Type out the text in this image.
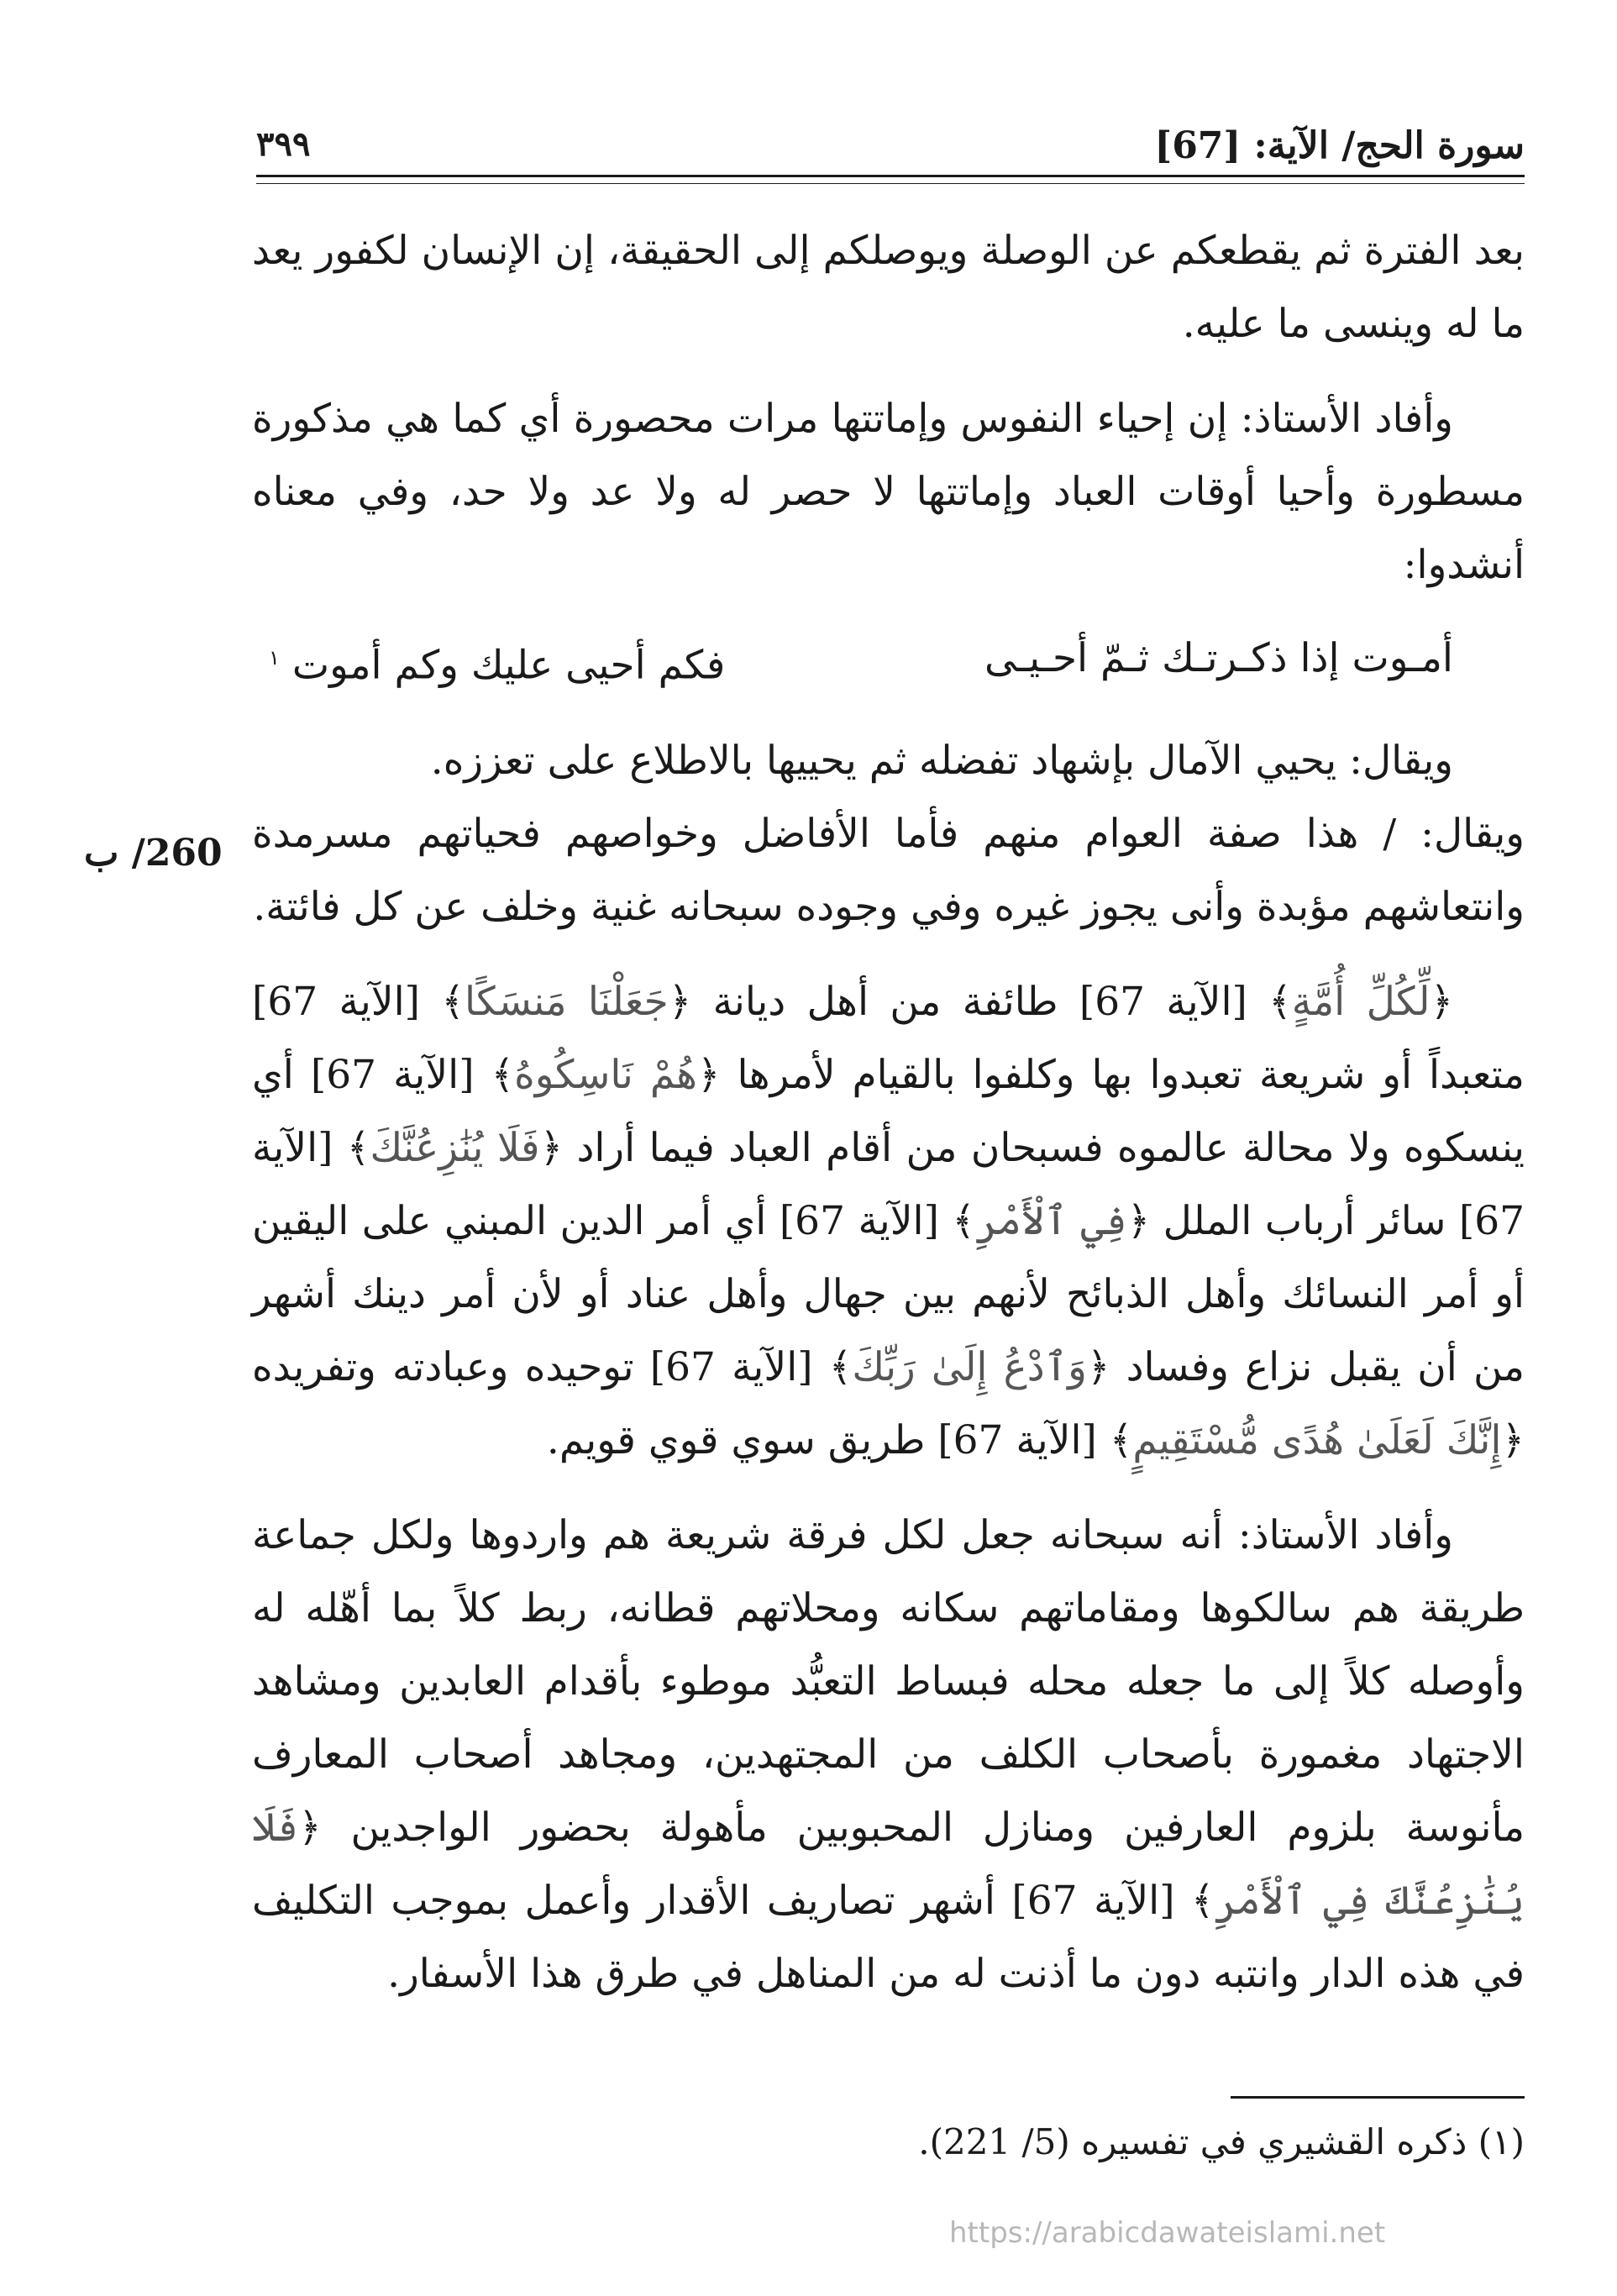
سورة الحج/ الآية: [67]
٣٩٩
260/ ب

بعد الفترة ثم يقطعكم عن الوصلة ويوصلكم إلى الحقيقة، إن الإنسان لكفور يعد ما له وينسى ما عليه.

وأفاد الأستاذ: إن إحياء النفوس وإماتتها مرات محصورة أي كما هي مذكورة مسطورة وأحيا أوقات العباد وإماتتها لا حصر له ولا عد ولا حد، وفي معناه أنشدوا:

أمـوت إذا ذكـرتـك ثـمّ أحـيـى
فكم أحيى عليك وكم أموت $^١$

ويقال: يحيي الآمال بإشهاد تفضله ثم يحييها بالاطلاع على تعززه.

ويقال: / هذا صفة العوام منهم فأما الأفاضل وخواصهم فحياتهم مسرمدة وانتعاشهم مؤبدة وأنى يجوز غيره وفي وجوده سبحانه غنية وخلف عن كل فائتة.

﴿لِّكُلِّ أُمَّةٍ﴾ [الآية 67] طائفة من أهل ديانة ﴿جَعَلْنَا مَنسَكًا﴾ [الآية 67] متعبداً أو شريعة تعبدوا بها وكلفوا بالقيام لأمرها ﴿هُمْ نَاسِكُوهُ﴾ [الآية 67] أي ينسكوه ولا محالة عالموه فسبحان من أقام العباد فيما أراد ﴿فَلَا يُنَٰزِعُنَّكَ﴾ [الآية 67] سائر أرباب الملل ﴿فِي ٱلْأَمْرِ﴾ [الآية 67] أي أمر الدين المبني على اليقين أو أمر النسائك وأهل الذبائح لأنهم بين جهال وأهل عناد أو لأن أمر دينك أشهر من أن يقبل نزاع وفساد ﴿وَٱدْعُ إِلَىٰ رَبِّكَ﴾ [الآية 67] توحيده وعبادته وتفريده ﴿إِنَّكَ لَعَلَىٰ هُدًى مُّسْتَقِيمٍ﴾ [الآية 67] طريق سوي قوي قويم.

وأفاد الأستاذ: أنه سبحانه جعل لكل فرقة شريعة هم واردوها ولكل جماعة طريقة هم سالكوها ومقاماتهم سكانه ومحلاتهم قطانه، ربط كلاً بما أهّله له وأوصله كلاً إلى ما جعله محله فبساط التعبُّد موطوء بأقدام العابدين ومشاهد الاجتهاد مغمورة بأصحاب الكلف من المجتهدين، ومجاهد أصحاب المعارف مأنوسة بلزوم العارفين ومنازل المحبوبين مأهولة بحضور الواجدين ﴿فَلَا يُنَٰزِعُنَّكَ فِي ٱلْأَمْرِ﴾ [الآية 67] أشهر تصاريف الأقدار وأعمل بموجب التكليف في هذه الدار وانتبه دون ما أذنت له من المناهل في طرق هذا الأسفار.

(١) ذكره القشيري في تفسيره (5/ 221).
https://arabicdawateislami.net
